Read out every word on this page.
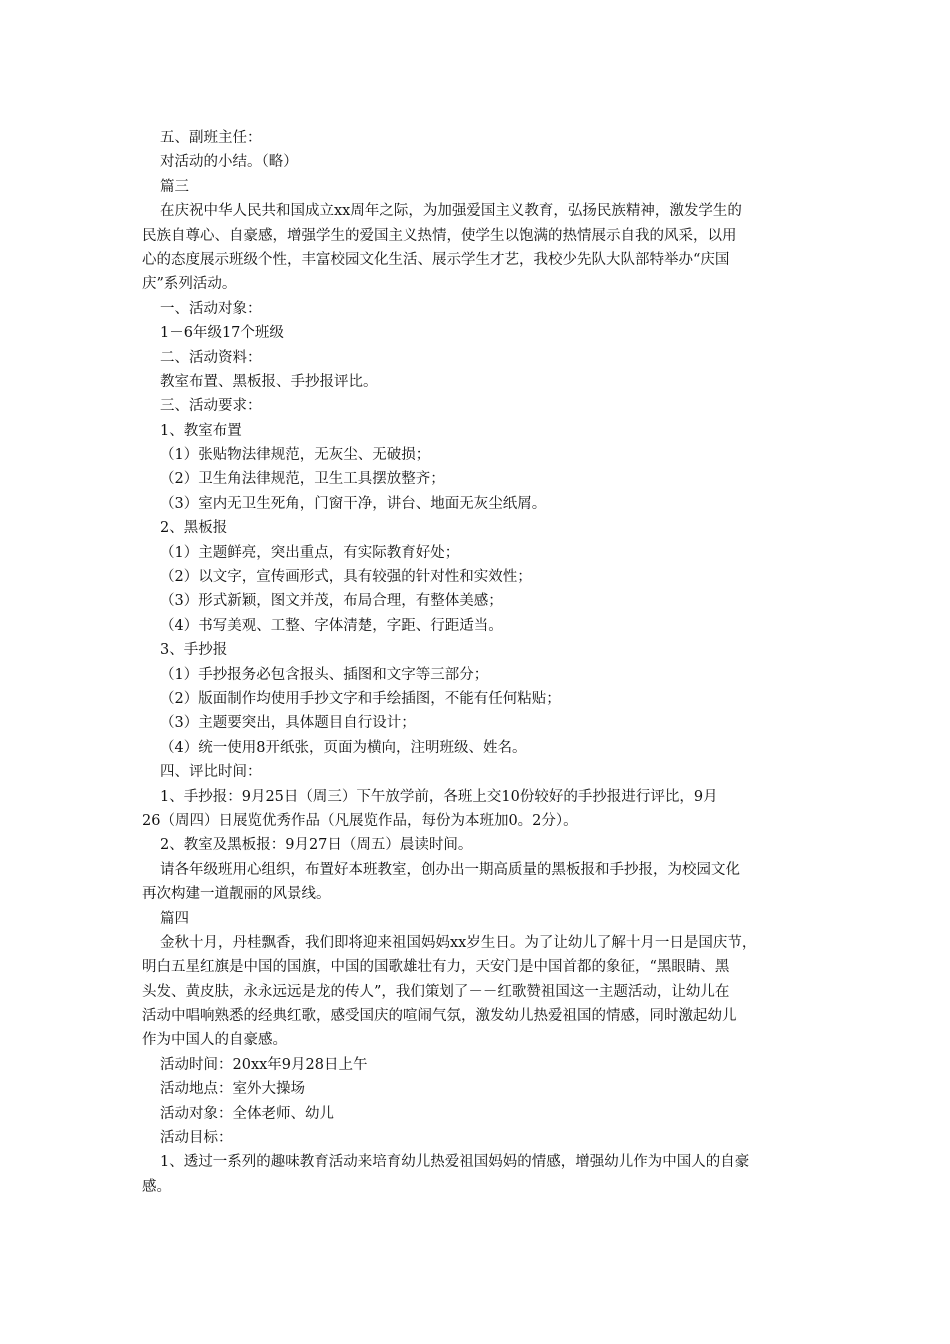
五、副班主任：
对活动的小结。（略）
篇三
在庆祝中华人民共和国成立xx周年之际，为加强爱国主义教育，弘扬民族精神，激发学生的
民族自尊心、自豪感，增强学生的爱国主义热情，使学生以饱满的热情展示自我的风采，以用
心的态度展示班级个性，丰富校园文化生活、展示学生才艺，我校少先队大队部特举办“庆国
庆”系列活动。
一、活动对象：
1－6年级17个班级
二、活动资料：
教室布置、黑板报、手抄报评比。
三、活动要求：
1、教室布置
（1）张贴物法律规范，无灰尘、无破损；
（2）卫生角法律规范，卫生工具摆放整齐；
（3）室内无卫生死角，门窗干净，讲台、地面无灰尘纸屑。
2、黑板报
（1）主题鲜亮，突出重点，有实际教育好处；
（2）以文字，宣传画形式，具有较强的针对性和实效性；
（3）形式新颖，图文并茂，布局合理，有整体美感；
（4）书写美观、工整、字体清楚，字距、行距适当。
3、手抄报
（1）手抄报务必包含报头、插图和文字等三部分；
（2）版面制作均使用手抄文字和手绘插图，不能有任何粘贴；
（3）主题要突出，具体题目自行设计；
（4）统一使用8开纸张，页面为横向，注明班级、姓名。
四、评比时间：
1、手抄报：9月25日（周三）下午放学前，各班上交10份较好的手抄报进行评比，9月
26（周四）日展览优秀作品（凡展览作品，每份为本班加0。2分）。
2、教室及黑板报：9月27日（周五）晨读时间。
请各年级班用心组织，布置好本班教室，创办出一期高质量的黑板报和手抄报，为校园文化
再次构建一道靓丽的风景线。
篇四
金秋十月，丹桂飘香，我们即将迎来祖国妈妈xx岁生日。为了让幼儿了解十月一日是国庆节，
明白五星红旗是中国的国旗，中国的国歌雄壮有力，天安门是中国首都的象征，“黑眼睛、黑
头发、黄皮肤，永永远远是龙的传人”，我们策划了－－红歌赞祖国这一主题活动，让幼儿在
活动中唱响熟悉的经典红歌，感受国庆的喧闹气氛，激发幼儿热爱祖国的情感，同时激起幼儿
作为中国人的自豪感。
活动时间：20xx年9月28日上午
活动地点：室外大操场
活动对象：全体老师、幼儿
活动目标：
1、透过一系列的趣味教育活动来培育幼儿热爱祖国妈妈的情感，增强幼儿作为中国人的自豪
感。
